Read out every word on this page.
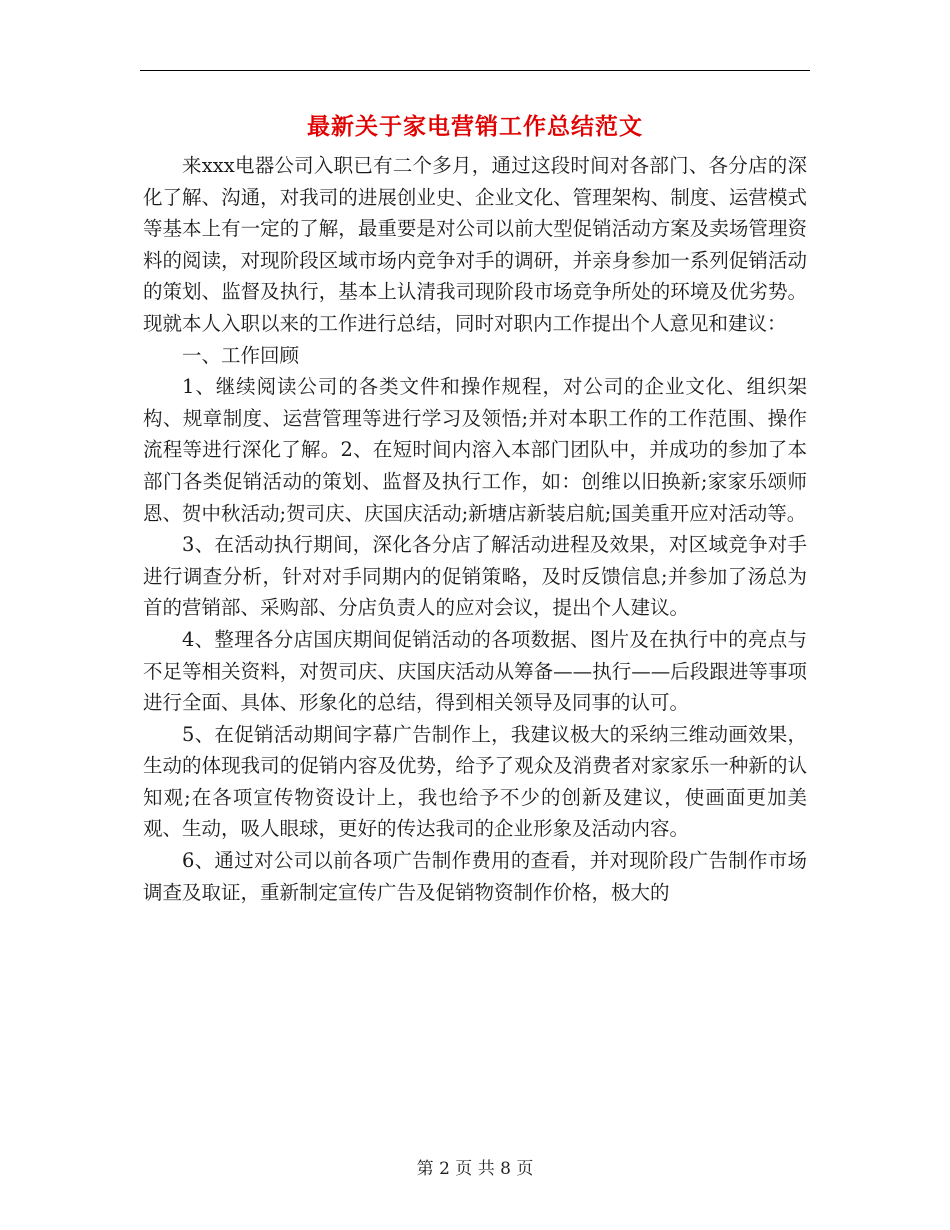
最新关于家电营销工作总结范文

来xxx电器公司入职已有二个多月，通过这段时间对各部门、各分店的深化了解、沟通，对我司的进展创业史、企业文化、管理架构、制度、运营模式等基本上有一定的了解，最重要是对公司以前大型促销活动方案及卖场管理资料的阅读，对现阶段区域市场内竞争对手的调研，并亲身参加一系列促销活动的策划、监督及执行，基本上认清我司现阶段市场竞争所处的环境及优劣势。现就本人入职以来的工作进行总结，同时对职内工作提出个人意见和建议：

一、工作回顾

1、继续阅读公司的各类文件和操作规程，对公司的企业文化、组织架构、规章制度、运营管理等进行学习及领悟;并对本职工作的工作范围、操作流程等进行深化了解。2、在短时间内溶入本部门团队中，并成功的参加了本部门各类促销活动的策划、监督及执行工作，如：创维以旧换新;家家乐颂师恩、贺中秋活动;贺司庆、庆国庆活动;新塘店新装启航;国美重开应对活动等。

3、在活动执行期间，深化各分店了解活动进程及效果，对区域竞争对手进行调查分析，针对对手同期内的促销策略，及时反馈信息;并参加了汤总为首的营销部、采购部、分店负责人的应对会议，提出个人建议。

4、整理各分店国庆期间促销活动的各项数据、图片及在执行中的亮点与不足等相关资料，对贺司庆、庆国庆活动从筹备——执行——后段跟进等事项进行全面、具体、形象化的总结，得到相关领导及同事的认可。

5、在促销活动期间字幕广告制作上，我建议极大的采纳三维动画效果，生动的体现我司的促销内容及优势，给予了观众及消费者对家家乐一种新的认知观;在各项宣传物资设计上，我也给予不少的创新及建议，使画面更加美观、生动，吸人眼球，更好的传达我司的企业形象及活动内容。

6、通过对公司以前各项广告制作费用的查看，并对现阶段广告制作市场调查及取证，重新制定宣传广告及促销物资制作价格，极大的

第 2 页 共 8 页
